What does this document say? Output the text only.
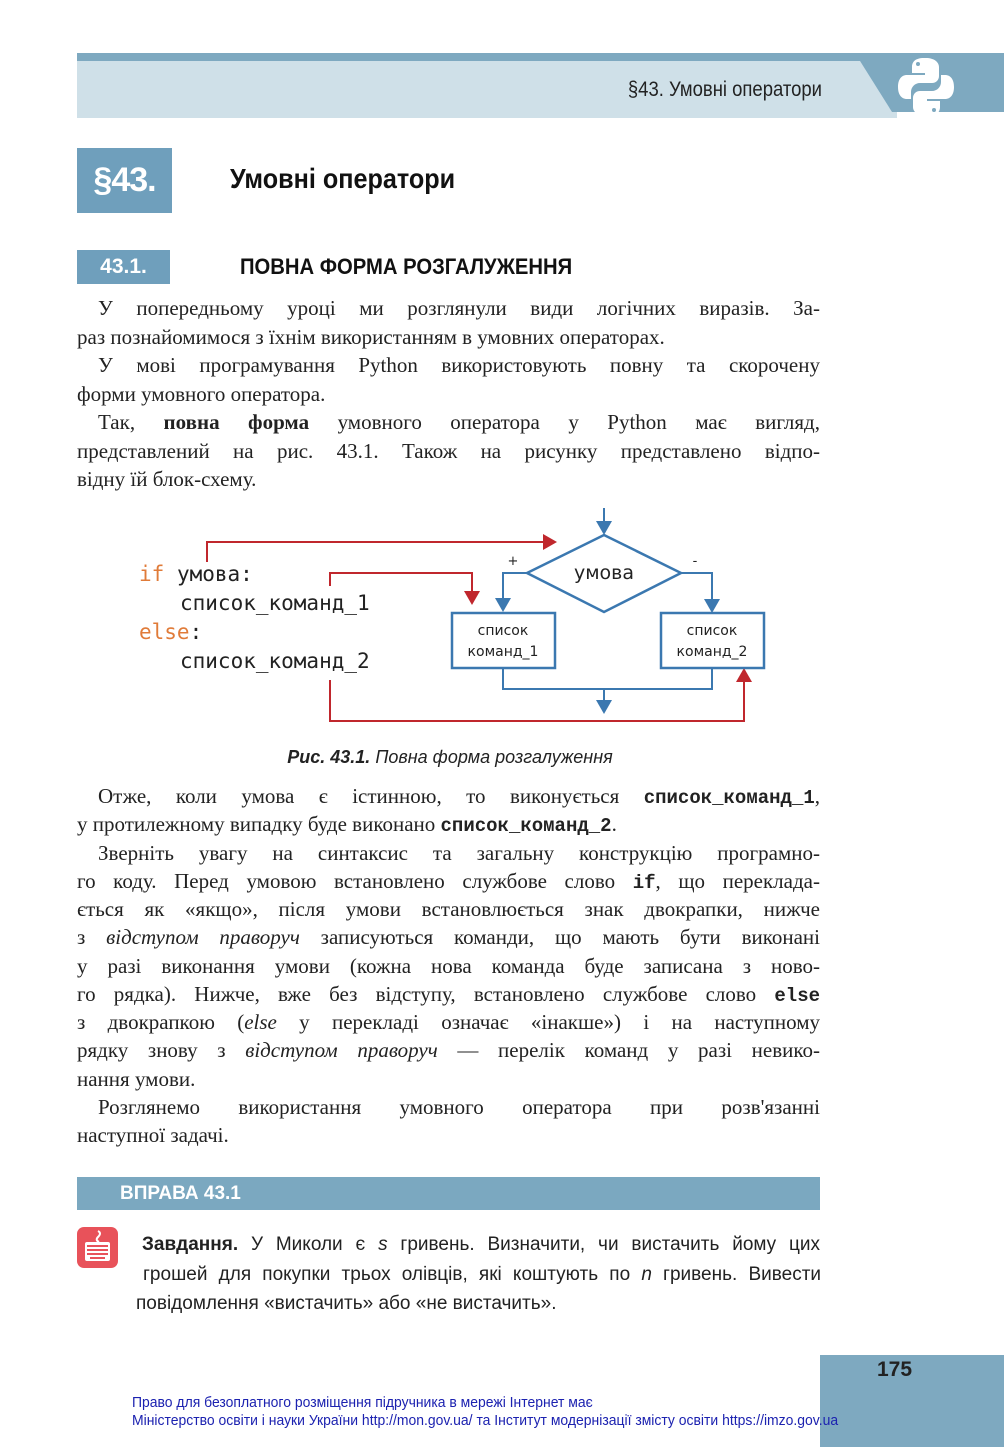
§43. Умовні оператори
§43.	Умовні оператори
43.1.	ПОВНА ФОРМА РОЗГАЛУЖЕННЯ
 У попередньому уроці ми розглянули види логічних виразів. За-
раз познайомимося з їхнім використанням в умовних операторах.
 У мові програмування Python використовують повну та скорочену
форми умовного оператора.
 Так, повна форма умовного оператора у Python має вигляд,
представлений на рис. 43.1. Також на рисунку представлено відпо-
відну їй блок-схему.
if умова:
список_команд_1
else:
список_команд_2
умова
+	-
список
команд_1
список
команд_2
Рис. 43.1. Повна форма розгалуження
 Отже, коли умова є істинною, то виконується список_команд_1,
у протилежному випадку буде виконано список_команд_2.
 Зверніть увагу на синтаксис та загальну конструкцію програмно-
го коду. Перед умовою встановлено службове слово if, що переклада-
ється як «якщо», після умови встановлюється знак двокрапки, нижче
з відступом праворуч записуються команди, що мають бути виконані
у разі виконання умови (кожна нова команда буде записана з ново-
го рядка). Нижче, вже без відступу, встановлено службове слово else
з двокрапкою (else у перекладі означає «інакше») і на наступному
рядку знову з відступом праворуч — перелік команд у разі невико-
нання умови.
 Розглянемо використання умовного оператора при розв'язанні
наступної задачі.
ВПРАВА 43.1
Завдання. У Миколи є s гривень. Визначити, чи вистачить йому цих
грошей для покупки трьох олівців, які коштують по n гривень. Вивести
повідомлення «вистачить» або «не вистачить».
175
Право для безоплатного розміщення підручника в мережі Інтернет має
Міністерство освіти і науки України http://mon.gov.ua/ та Інститут модернізації змісту освіти https://imzo.gov.ua
